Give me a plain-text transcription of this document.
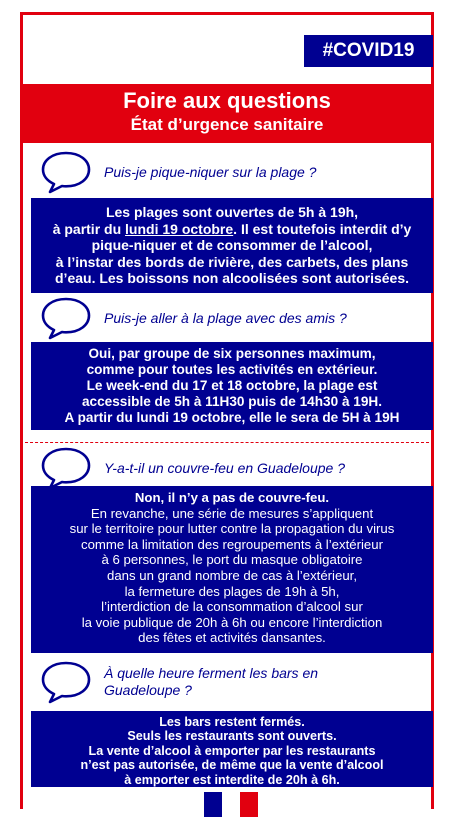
#COVID19
Foire aux questions
État d’urgence sanitaire
Puis-je pique-niquer sur la plage ?

Les plages sont ouvertes de 5h à 19h,

à partir du lundi 19 octobre. Il est toutefois interdit d’y

pique-niquer et de consommer de l’alcool,

à l’instar des bords de rivière, des carbets, des plans

d’eau. Les boissons non alcoolisées sont autorisées.

Puis-je aller à la plage avec des amis ?

Oui, par groupe de six personnes maximum,

comme pour toutes les activités en extérieur.

Le week-end du 17 et 18 octobre, la plage est

accessible de 5h à 11H30 puis de 14h30 à 19H.

A partir du lundi 19 octobre, elle le sera de 5H à 19H

Y-a-t-il un couvre-feu en Guadeloupe ?

Non, il n’y a pas de couvre-feu.

En revanche, une série de mesures s’appliquent

sur le territoire pour lutter contre la propagation du virus

comme la limitation des regroupements à l’extérieur

à 6 personnes, le port du masque obligatoire

dans un grand nombre de cas à l’extérieur,

la fermeture des plages de 19h à 5h,

l’interdiction de la consommation d’alcool sur

la voie publique de 20h à 6h ou encore l’interdiction

des fêtes et activités dansantes.

À quelle heure ferment les bars en
Guadeloupe ?

Les bars restent fermés.

Seuls les restaurants sont ouverts.

La vente d’alcool à emporter par les restaurants

n’est pas autorisée, de même que la vente d’alcool

à emporter est interdite de 20h à 6h.
